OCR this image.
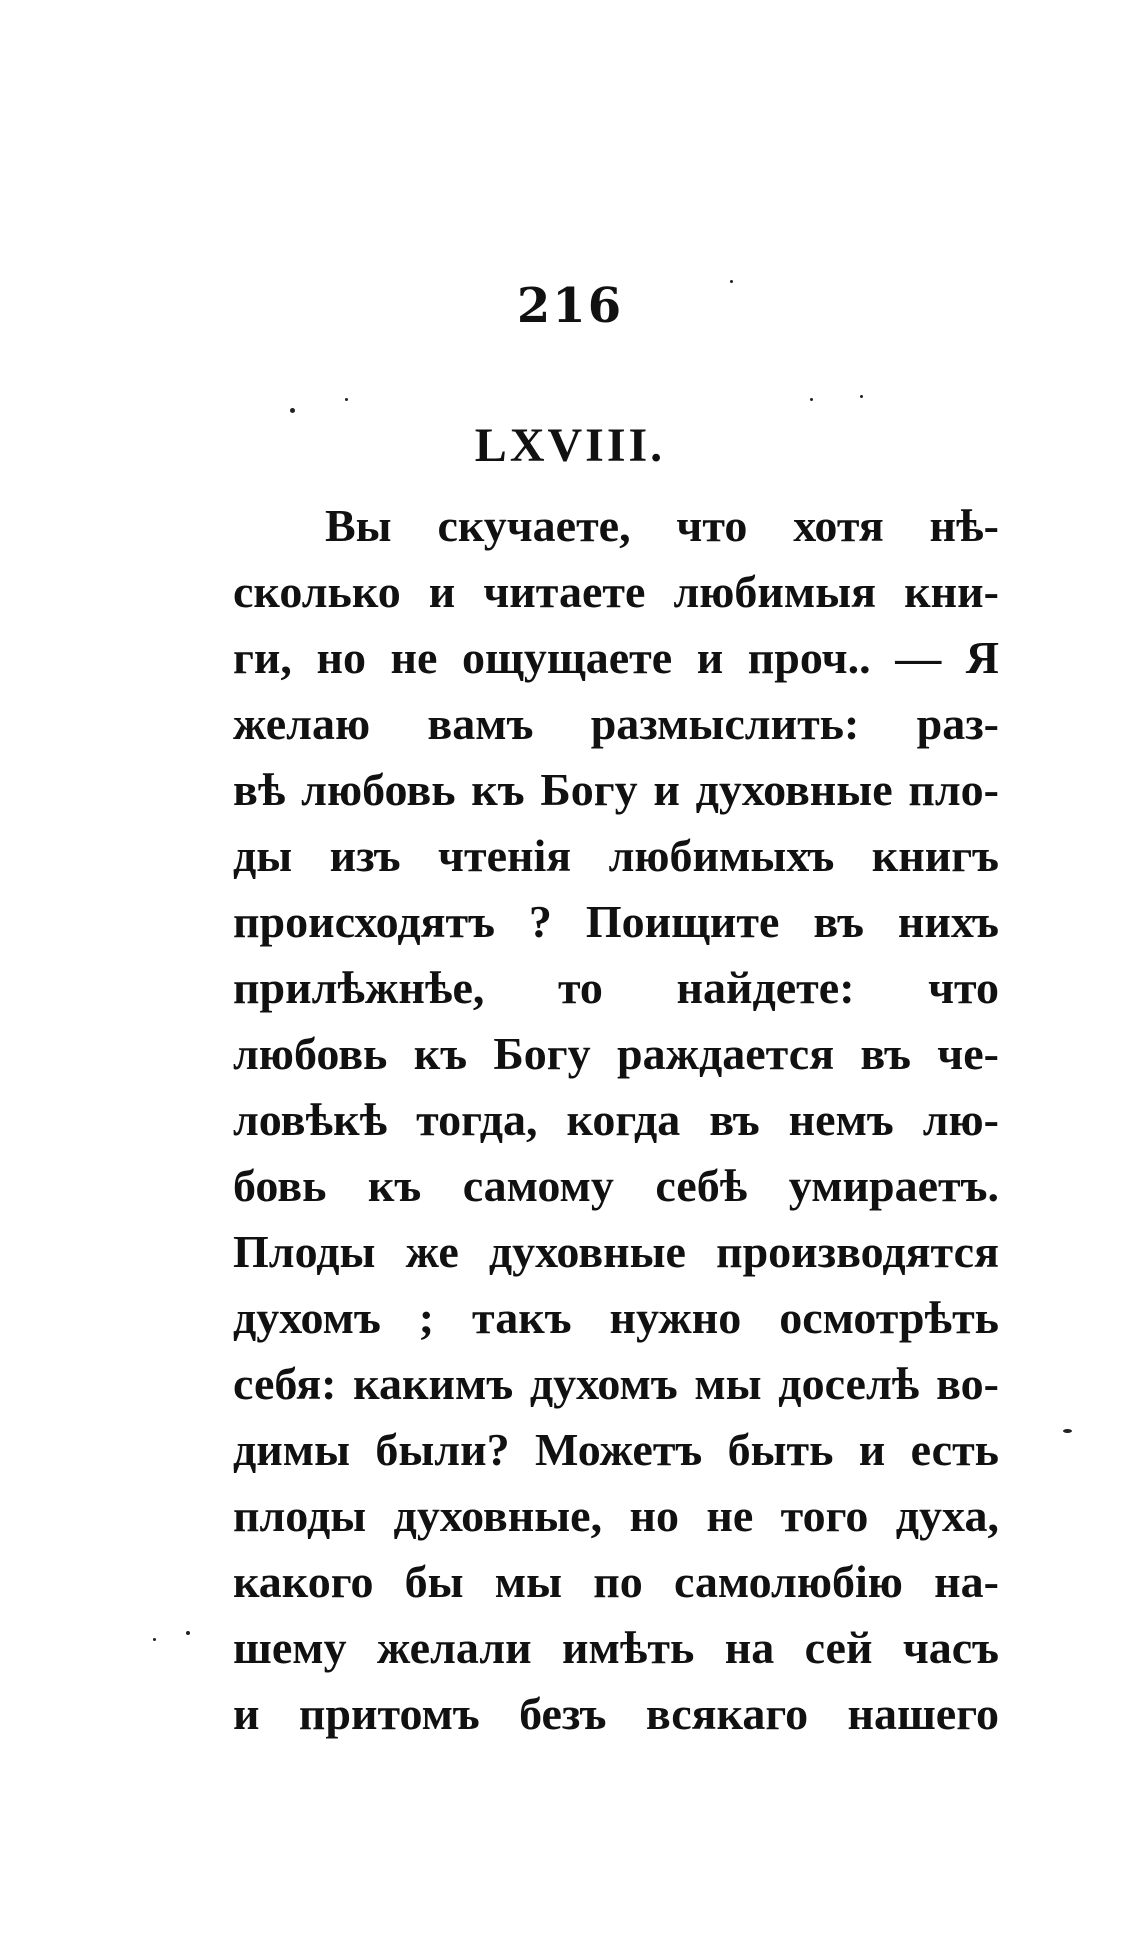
216
LXVIII.
Вы скучаете, что хотя нѣ-
сколько и читаете любимыя кни-
ги, но не ощущаете и проч.. — Я
желаю вамъ размыслить: раз-
вѣ любовь къ Богу и духовные пло-
ды изъ чтенія любимыхъ книгъ
происходятъ ? Поищите въ нихъ
прилѣжнѣе, то найдете: что
любовь къ Богу раждается въ че-
ловѣкѣ тогда, когда въ немъ лю-
бовь къ самому себѣ умираетъ.
Плоды же духовные производятся
духомъ ; такъ нужно осмотрѣть
себя: какимъ духомъ мы доселѣ во-
димы были? Можетъ быть и есть
плоды духовные, но не того духа,
какого бы мы по самолюбію на-
шему желали имѣть на сей часъ
и притомъ безъ всякаго нашего
